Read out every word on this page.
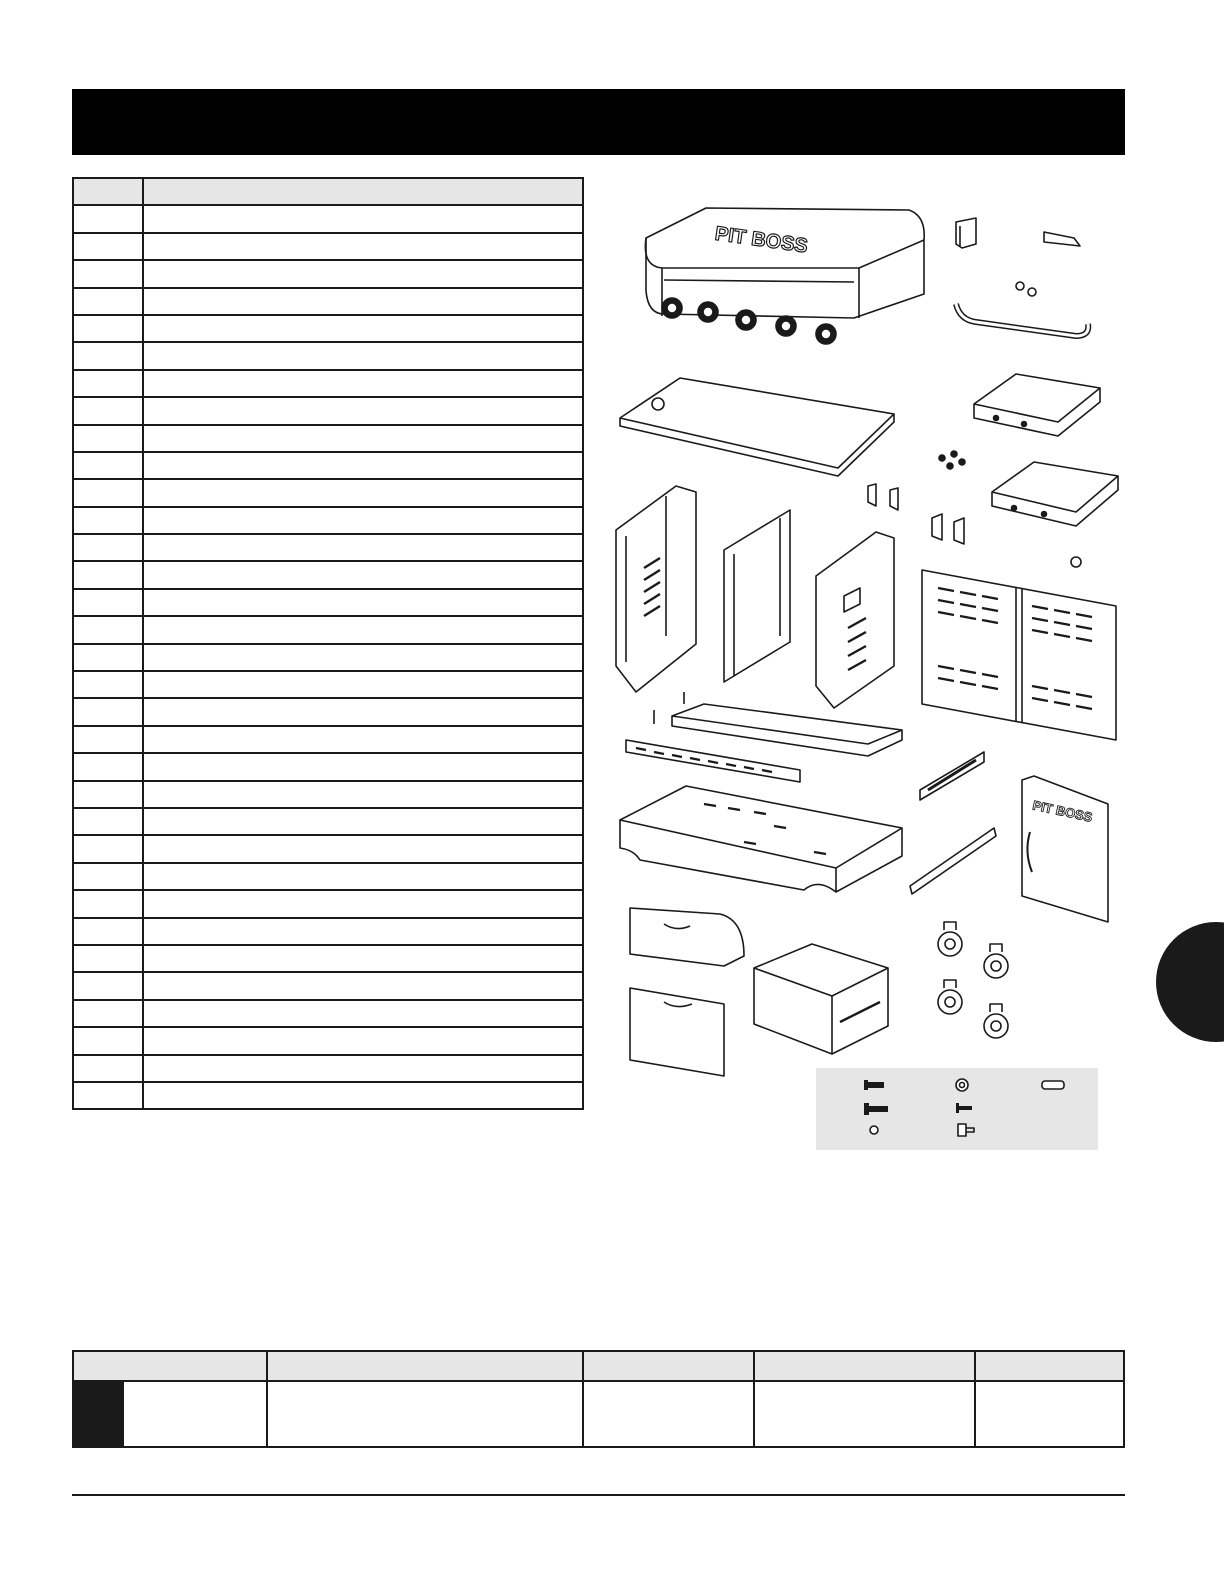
PIT BOSS
PIT BOSS
